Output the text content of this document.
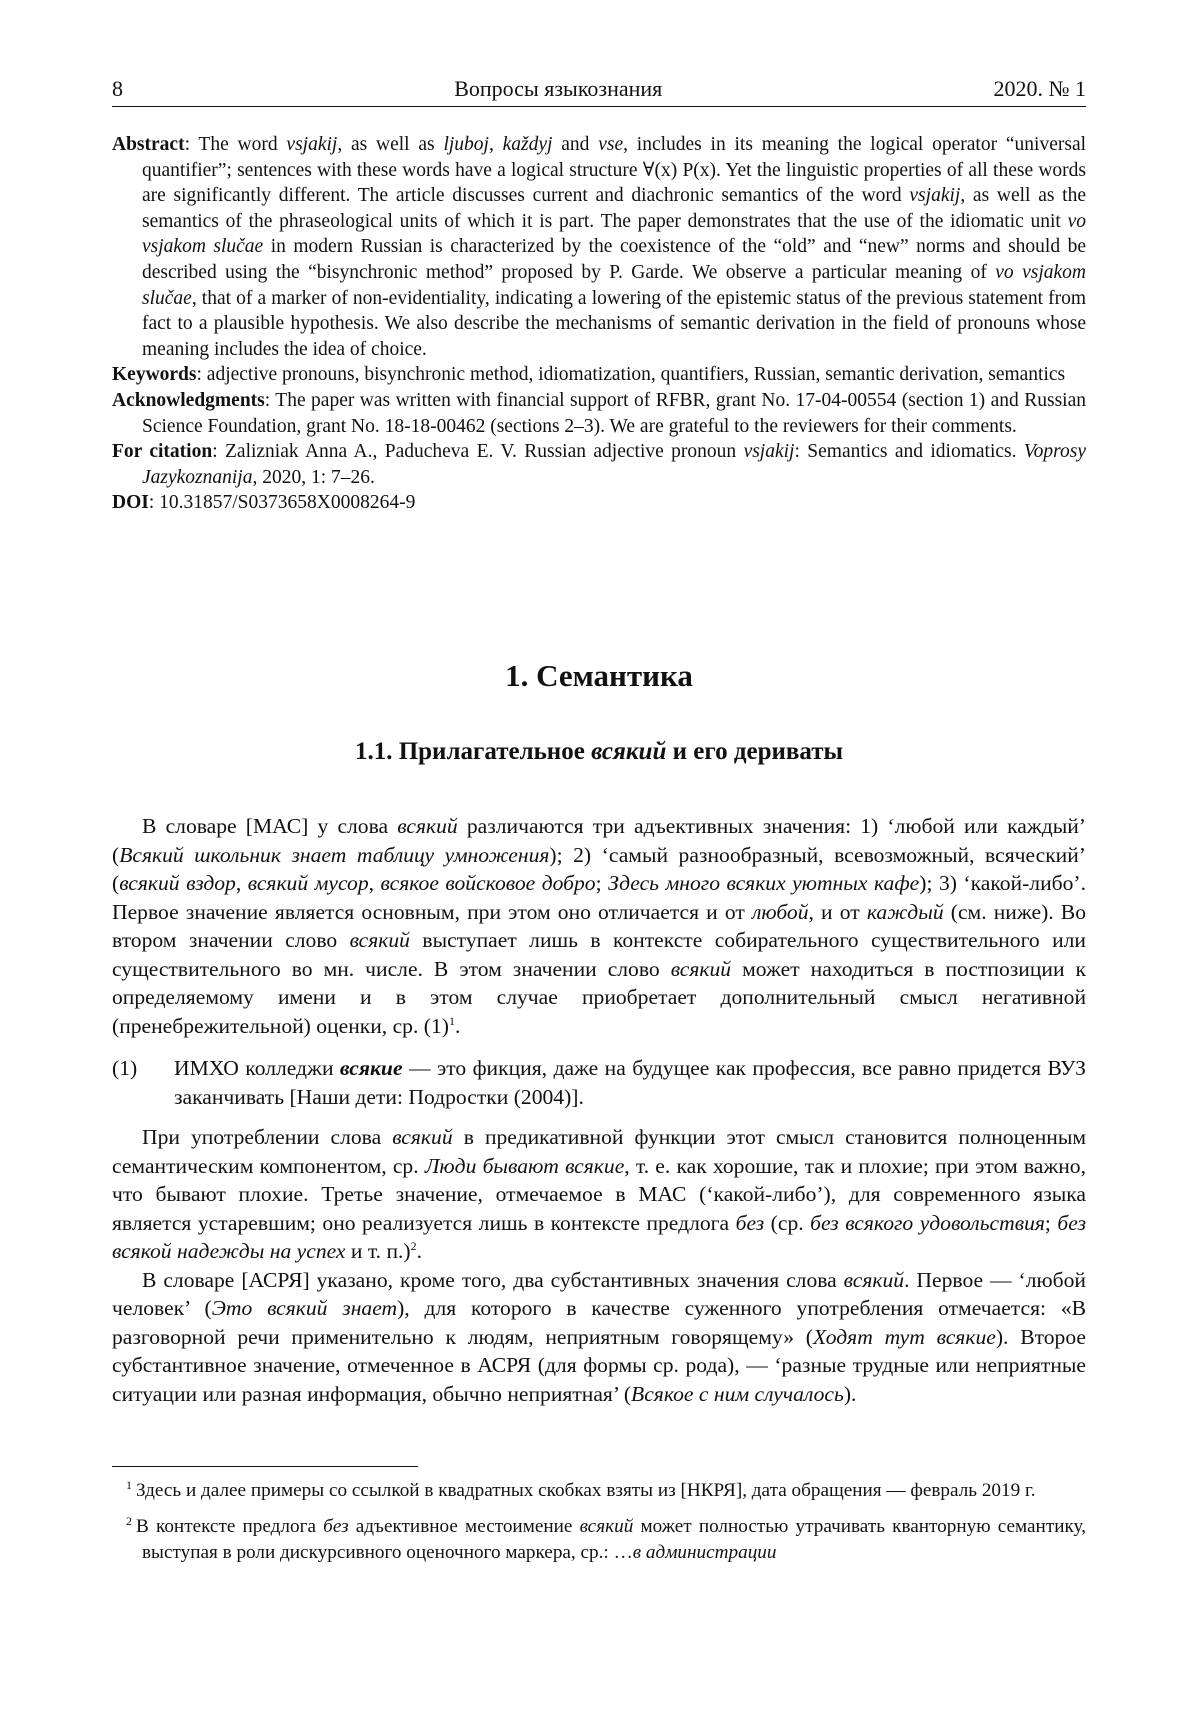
8	Вопросы языкознания	2020. № 1

Abstract: The word vsjakij, as well as ljuboj, každyj and vse, includes in its meaning the logical operator “universal quantifier”; sentences with these words have a logical structure ∀(x) P(x). Yet the linguistic properties of all these words are significantly different. The article discusses current and diachronic semantics of the word vsjakij, as well as the semantics of the phraseological units of which it is part. The paper demonstrates that the use of the idiomatic unit vo vsjakom slučae in modern Russian is characterized by the coexistence of the “old” and “new” norms and should be described using the “bisynchronic method” proposed by P. Garde. We observe a particular meaning of vo vsjakom slučae, that of a marker of non-evidentiality, indicating a lowering of the epistemic status of the previous statement from fact to a plausible hypothesis. We also describe the mechanisms of semantic derivation in the field of pronouns whose meaning includes the idea of choice.

Keywords: adjective pronouns, bisynchronic method, idiomatization, quantifiers, Russian, semantic derivation, semantics

Acknowledgments: The paper was written with financial support of RFBR, grant No. 17-04-00554 (section 1) and Russian Science Foundation, grant No. 18-18-00462 (sections 2–3). We are grateful to the reviewers for their comments.

For citation: Zalizniak Anna A., Paducheva E. V. Russian adjective pronoun vsjakij: Semantics and idiomatics. Voprosy Jazykoznanija, 2020, 1: 7–26.

DOI: 10.31857/S0373658X0008264-9

1. Семантика
1.1. Прилагательное всякий и его дериваты

В словаре [МАС] у слова всякий различаются три адъективных значения: 1) ‘любой или каждый’ (Всякий школьник знает таблицу умножения); 2) ‘самый разнообразный, всевозможный, всяческий’ (всякий вздор, всякий мусор, всякое войсковое добро; Здесь много всяких уютных кафе); 3) ‘какой-либо’. Первое значение является основным, при этом оно отличается и от любой, и от каждый (см. ниже). Во втором значении слово всякий выступает лишь в контексте собирательного существительного или существительного во мн. числе. В этом значении слово всякий может находиться в постпозиции к определяемому имени и в этом случае приобретает дополнительный смысл негативной (пренебрежительной) оценки, ср. $(1)^1$.

(1)	ИМХО колледжи всякие — это фикция, даже на будущее как профессия, все равно придется ВУЗ заканчивать [Наши дети: Подростки (2004)].

При употреблении слова всякий в предикативной функции этот смысл становится полноценным семантическим компонентом, ср. Люди бывают всякие, т. е. как хорошие, так и плохие; при этом важно, что бывают плохие. Третье значение, отмечаемое в МАС (‘какой-либо’), для современного языка является устаревшим; оно реализуется лишь в контексте предлога без (ср. без всякого удовольствия; без всякой надежды на успех и т. п.)$^2$.

В словаре [АСРЯ] указано, кроме того, два субстантивных значения слова всякий. Первое — ‘любой человек’ (Это всякий знает), для которого в качестве суженного употребления отмечается: «В разговорной речи применительно к людям, неприятным говорящему» (Ходят тут всякие). Второе субстантивное значение, отмеченное в АСРЯ (для формы ср. рода), — ‘разные трудные или неприятные ситуации или разная информация, обычно неприятная’ (Всякое с ним случалось).

$^1$ Здесь и далее примеры со ссылкой в квадратных скобках взяты из [НКРЯ], дата обращения — февраль 2019 г.

$^2$ В контексте предлога без адъективное местоимение всякий может полностью утрачивать кванторную семантику, выступая в роли дискурсивного оценочного маркера, ср.: …в администрации
